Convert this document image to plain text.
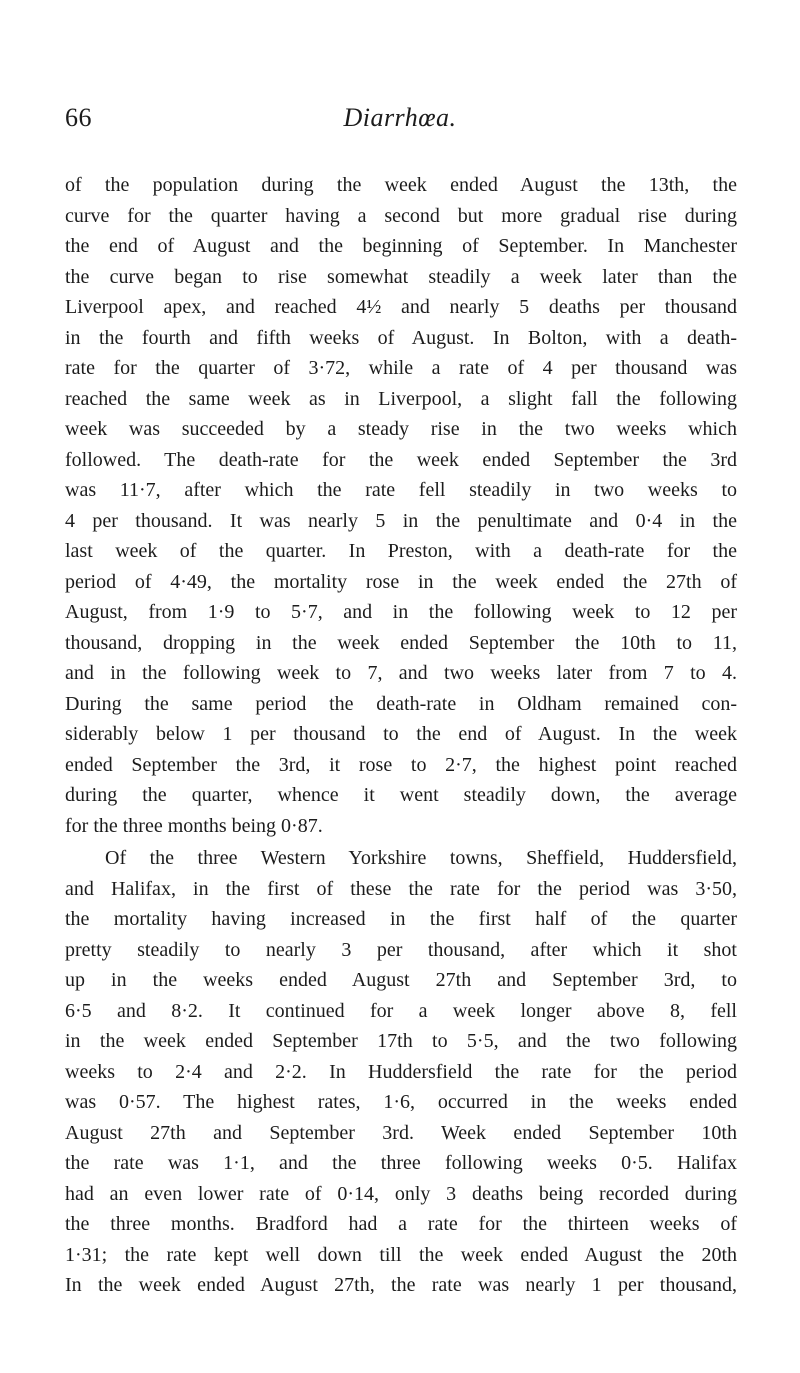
66	Diarrhœa.
of the population during the week ended August the 13th, the
curve for the quarter having a second but more gradual rise during
the end of August and the beginning of September. In Manchester
the curve began to rise somewhat steadily a week later than the
Liverpool apex, and reached 4½ and nearly 5 deaths per thousand
in the fourth and fifth weeks of August. In Bolton, with a death-
rate for the quarter of 3·72, while a rate of 4 per thousand was
reached the same week as in Liverpool, a slight fall the following
week was succeeded by a steady rise in the two weeks which
followed. The death-rate for the week ended September the 3rd
was 11·7, after which the rate fell steadily in two weeks to
4 per thousand. It was nearly 5 in the penultimate and 0·4 in the
last week of the quarter. In Preston, with a death-rate for the
period of 4·49, the mortality rose in the week ended the 27th of
August, from 1·9 to 5·7, and in the following week to 12 per
thousand, dropping in the week ended September the 10th to 11,
and in the following week to 7, and two weeks later from 7 to 4.
During the same period the death-rate in Oldham remained con-
siderably below 1 per thousand to the end of August. In the week
ended September the 3rd, it rose to 2·7, the highest point reached
during the quarter, whence it went steadily down, the average
for the three months being 0·87.
Of the three Western Yorkshire towns, Sheffield, Huddersfield,
and Halifax, in the first of these the rate for the period was 3·50,
the mortality having increased in the first half of the quarter
pretty steadily to nearly 3 per thousand, after which it shot
up in the weeks ended August 27th and September 3rd, to
6·5 and 8·2. It continued for a week longer above 8, fell
in the week ended September 17th to 5·5, and the two following
weeks to 2·4 and 2·2. In Huddersfield the rate for the period
was 0·57. The highest rates, 1·6, occurred in the weeks ended
August 27th and September 3rd. Week ended September 10th
the rate was 1·1, and the three following weeks 0·5. Halifax
had an even lower rate of 0·14, only 3 deaths being recorded during
the three months. Bradford had a rate for the thirteen weeks of
1·31; the rate kept well down till the week ended August the 20th
In the week ended August 27th, the rate was nearly 1 per thousand,
